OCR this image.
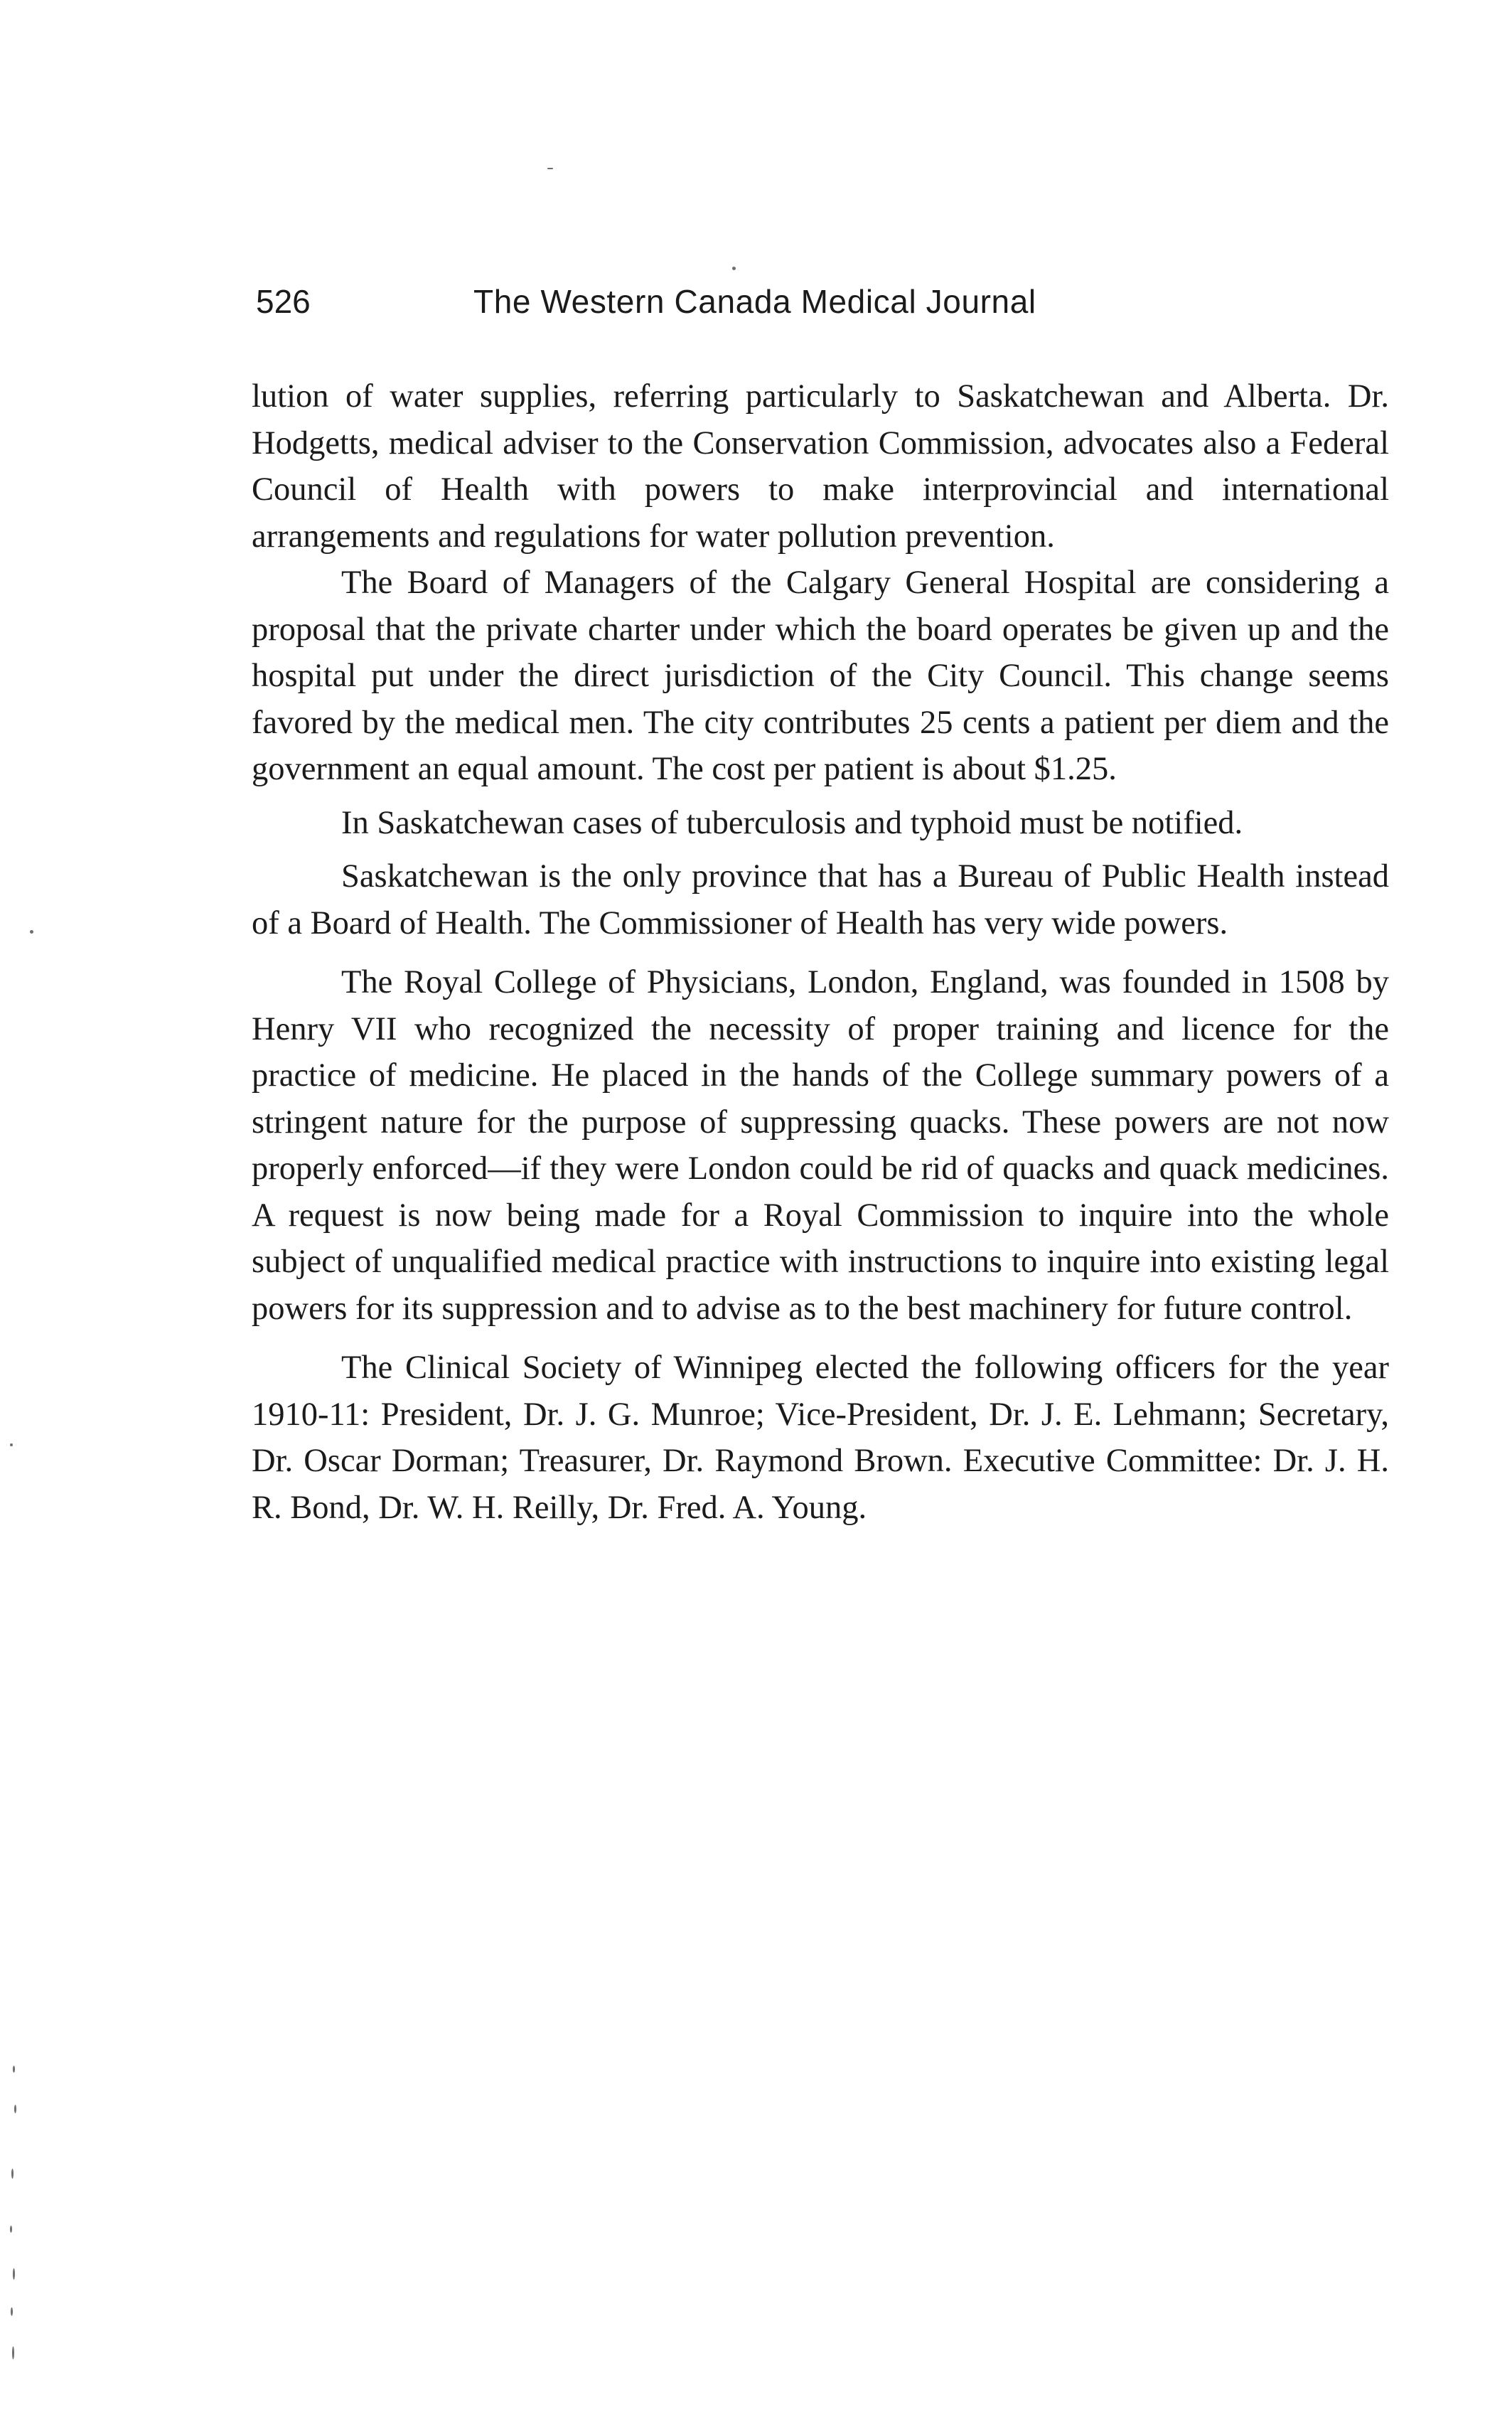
526	The Western Canada Medical Journal

lution of water supplies, referring particularly to Saskatchewan and Alberta. Dr. Hodgetts, medical adviser to the Conservation Commission, advocates also a Federal Council of Health with powers to make interprovincial and international arrangements and regulations for water pollution prevention.

The Board of Managers of the Calgary General Hospital are considering a proposal that the private charter under which the board operates be given up and the hospital put under the direct jurisdiction of the City Council. This change seems favored by the medical men. The city contributes 25 cents a patient per diem and the government an equal amount. The cost per patient is about $1.25.

In Saskatchewan cases of tuberculosis and typhoid must be notified.

Saskatchewan is the only province that has a Bureau of Public Health instead of a Board of Health. The Commissioner of Health has very wide powers.

The Royal College of Physicians, London, England, was founded in 1508 by Henry VII who recognized the necessity of proper training and licence for the practice of medicine. He placed in the hands of the College summary powers of a stringent nature for the purpose of suppressing quacks. These powers are not now properly enforced—if they were London could be rid of quacks and quack medicines. A request is now being made for a Royal Commission to inquire into the whole subject of unqualified medical practice with instructions to inquire into existing legal powers for its suppression and to advise as to the best machinery for future control.

The Clinical Society of Winnipeg elected the following officers for the year 1910-11: President, Dr. J. G. Munroe; Vice-President, Dr. J. E. Lehmann; Secretary, Dr. Oscar Dorman; Treasurer, Dr. Raymond Brown. Executive Committee: Dr. J. H. R. Bond, Dr. W. H. Reilly, Dr. Fred. A. Young.
